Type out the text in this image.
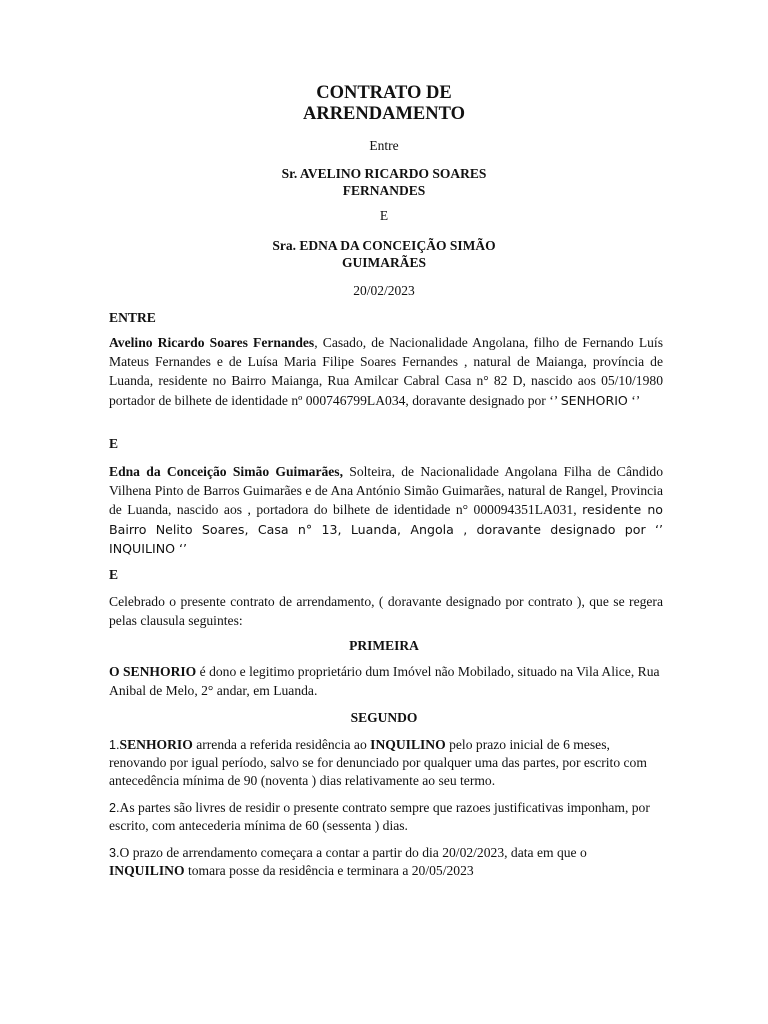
CONTRATO DE
ARRENDAMENTO
Entre
Sr. AVELINO RICARDO SOARES
FERNANDES
E
Sra. EDNA DA CONCEIÇÃO SIMÃO
GUIMARÃES
20/02/2023
ENTRE
Avelino Ricardo Soares Fernandes, Casado, de Nacionalidade Angolana, filho de Fernando Luís Mateus Fernandes e de Luísa Maria Filipe Soares Fernandes , natural de Maianga, província de Luanda, residente no Bairro Maianga, Rua Amilcar Cabral Casa n° 82 D, nascido aos 05/10/1980 portador de bilhete de identidade nº 000746799LA034, doravante designado por ‘’ SENHORIO ‘’
E
Edna da Conceição Simão Guimarães, Solteira, de Nacionalidade Angolana Filha de Cândido Vilhena Pinto de Barros Guimarães e de Ana António Simão Guimarães, natural de Rangel, Provincia de Luanda, nascido aos , portadora do bilhete de identidade n° 000094351LA031, residente no Bairro Nelito Soares, Casa n° 13, Luanda, Angola , doravante designado por ‘’ INQUILINO ‘’
E
Celebrado o presente contrato de arrendamento, ( doravante designado por contrato ), que se regera pelas clausula seguintes:
PRIMEIRA
O SENHORIO é dono e legitimo proprietário dum Imóvel não Mobilado, situado na Vila Alice, Rua Anibal de Melo, 2° andar, em Luanda.
SEGUNDO
1.SENHORIO arrenda a referida residência ao INQUILINO pelo prazo inicial de 6 meses, renovando por igual período, salvo se for denunciado por qualquer uma das partes, por escrito com antecedência mínima de 90 (noventa ) dias relativamente ao seu termo.
2.As partes são livres de residir o presente contrato sempre que razoes justificativas imponham, por escrito, com antecederia mínima de 60 (sessenta ) dias.
3.O prazo de arrendamento começara a contar a partir do dia 20/02/2023, data em que o INQUILINO tomara posse da residência e terminara a 20/05/2023
